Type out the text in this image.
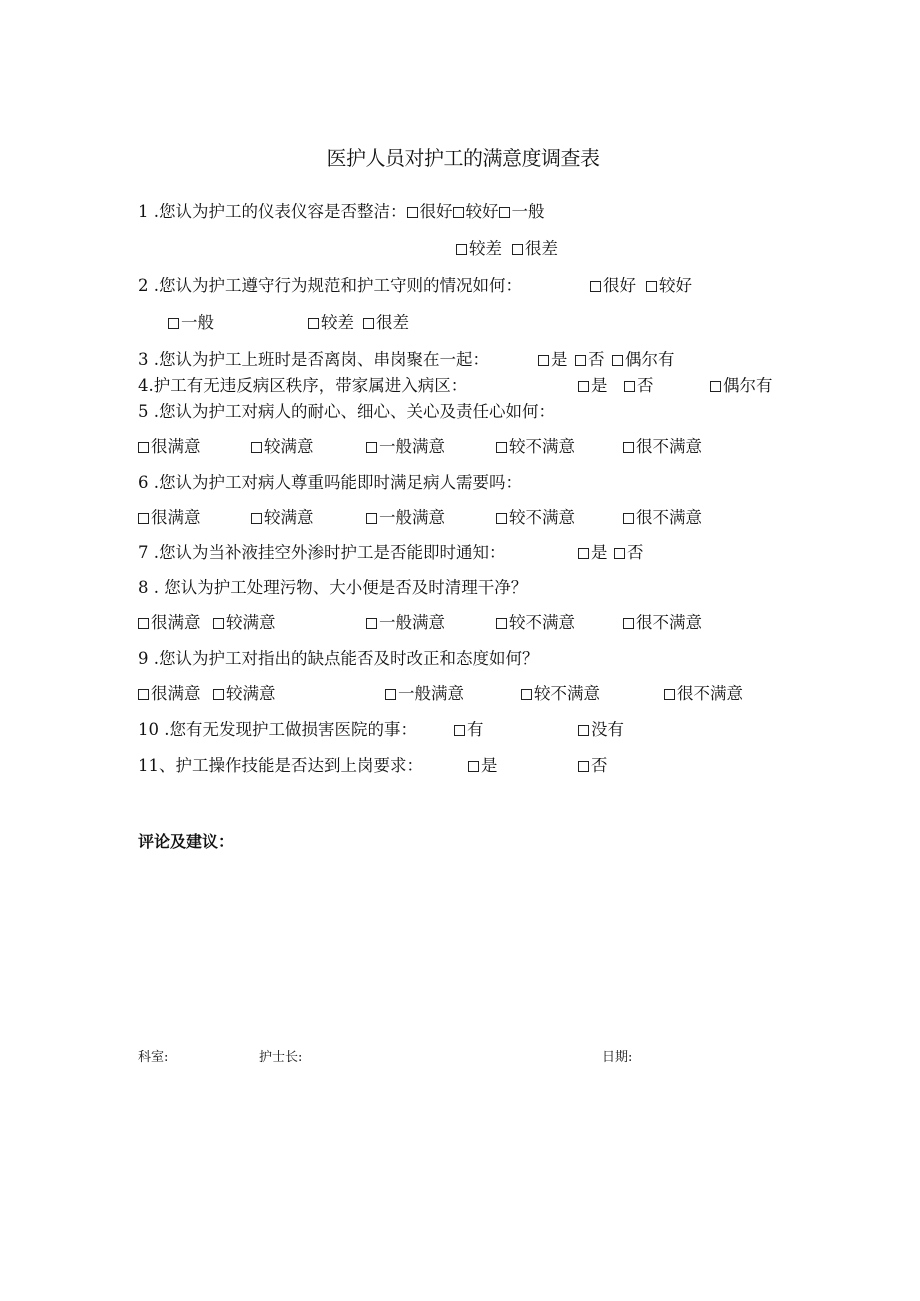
医护人员对护工的满意度调查表
1 .您认为护工的仪表仪容是否整洁： 很好 较好 一般
较差	很差
2 .您认为护工遵守行为规范和护工守则的情况如何：	很好	较好
一般	较差	很差
3 .您认为护工上班时是否离岗、串岗聚在一起：	是	否	偶尔有
4.护工有无违反病区秩序，带家属进入病区：	是	否	偶尔有
5 .您认为护工对病人的耐心、细心、关心及责任心如何：
很满意	较满意	一般满意	较不满意	很不满意
6 .您认为护工对病人尊重吗能即时满足病人需要吗：
很满意	较满意	一般满意	较不满意	很不满意
7 .您认为当补液挂空外渗时护工是否能即时通知：	是	否
8 . 您认为护工处理污物、大小便是否及时清理干净？
很满意	较满意	一般满意	较不满意	很不满意
9 .您认为护工对指出的缺点能否及时改正和态度如何？
很满意	较满意	一般满意	较不满意	很不满意
10 .您有无发现护工做损害医院的事：	有	没有
11、护工操作技能是否达到上岗要求：	是	否
评论及建议：
科室:	护士长:	日期:
